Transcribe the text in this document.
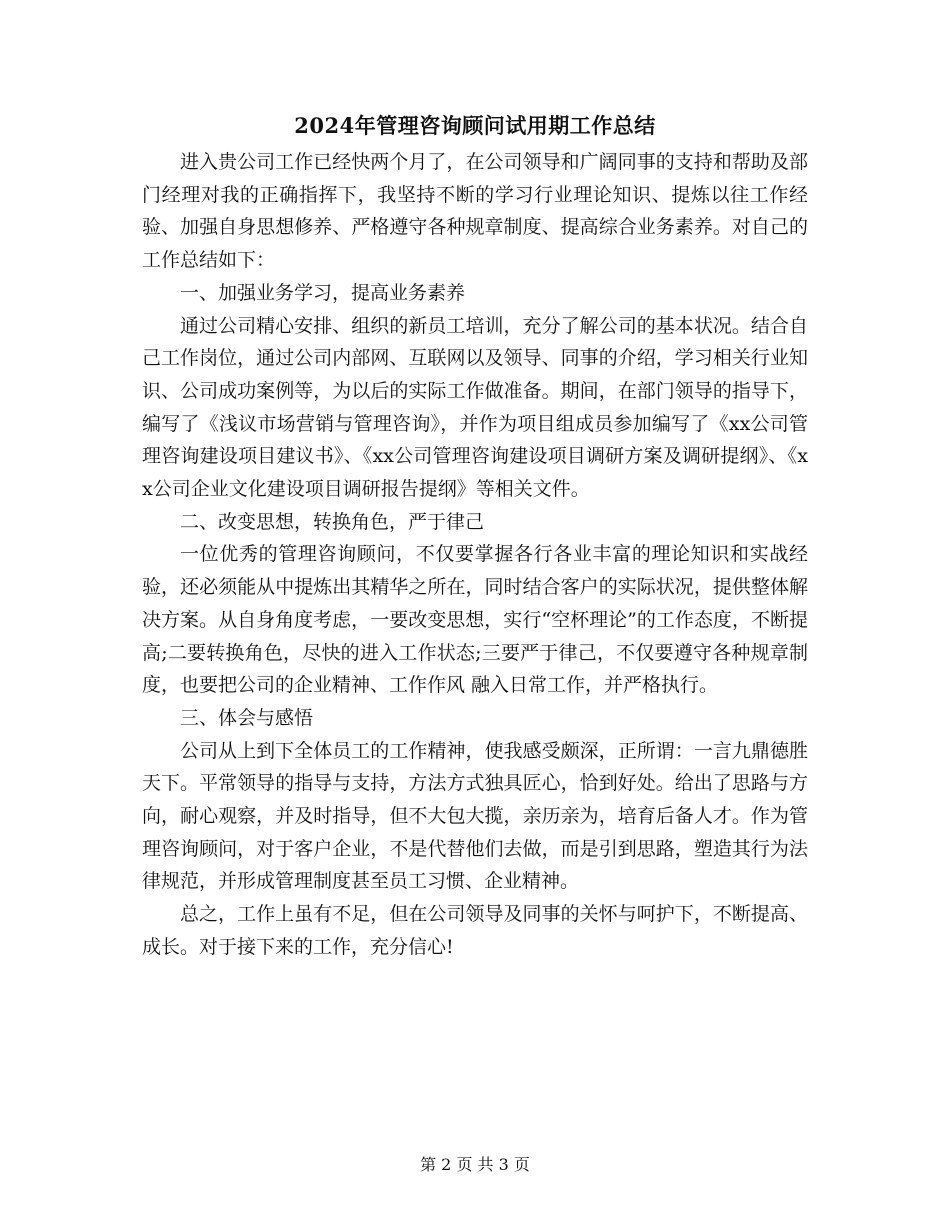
2024年管理咨询顾问试用期工作总结

进入贵公司工作已经快两个月了，在公司领导和广阔同事的支持和帮助及部门经理对我的正确指挥下，我坚持不断的学习行业理论知识、提炼以往工作经验、加强自身思想修养、严格遵守各种规章制度、提高综合业务素养。对自己的工作总结如下：

一、加强业务学习，提高业务素养

通过公司精心安排、组织的新员工培训，充分了解公司的基本状况。结合自己工作岗位，通过公司内部网、互联网以及领导、同事的介绍，学习相关行业知识、公司成功案例等，为以后的实际工作做准备。期间，在部门领导的指导下，编写了《浅议市场营销与管理咨询》，并作为项目组成员参加编写了《xx公司管理咨询建设项目建议书》、《xx公司管理咨询建设项目调研方案及调研提纲》、《xx公司企业文化建设项目调研报告提纲》等相关文件。

二、改变思想，转换角色，严于律己

一位优秀的管理咨询顾问，不仅要掌握各行各业丰富的理论知识和实战经验，还必须能从中提炼出其精华之所在，同时结合客户的实际状况，提供整体解决方案。从自身角度考虑，一要改变思想，实行“空杯理论”的工作态度，不断提高;二要转换角色，尽快的进入工作状态;三要严于律己，不仅要遵守各种规章制度，也要把公司的企业精神、工作作风 融入日常工作，并严格执行。

三、体会与感悟

公司从上到下全体员工的工作精神，使我感受颇深，正所谓：一言九鼎德胜天下。平常领导的指导与支持，方法方式独具匠心，恰到好处。给出了思路与方向，耐心观察，并及时指导，但不大包大揽，亲历亲为，培育后备人才。作为管理咨询顾问，对于客户企业，不是代替他们去做，而是引到思路，塑造其行为法律规范，并形成管理制度甚至员工习惯、企业精神。

总之，工作上虽有不足，但在公司领导及同事的关怀与呵护下，不断提高、成长。对于接下来的工作，充分信心!

第 2 页 共 3 页
